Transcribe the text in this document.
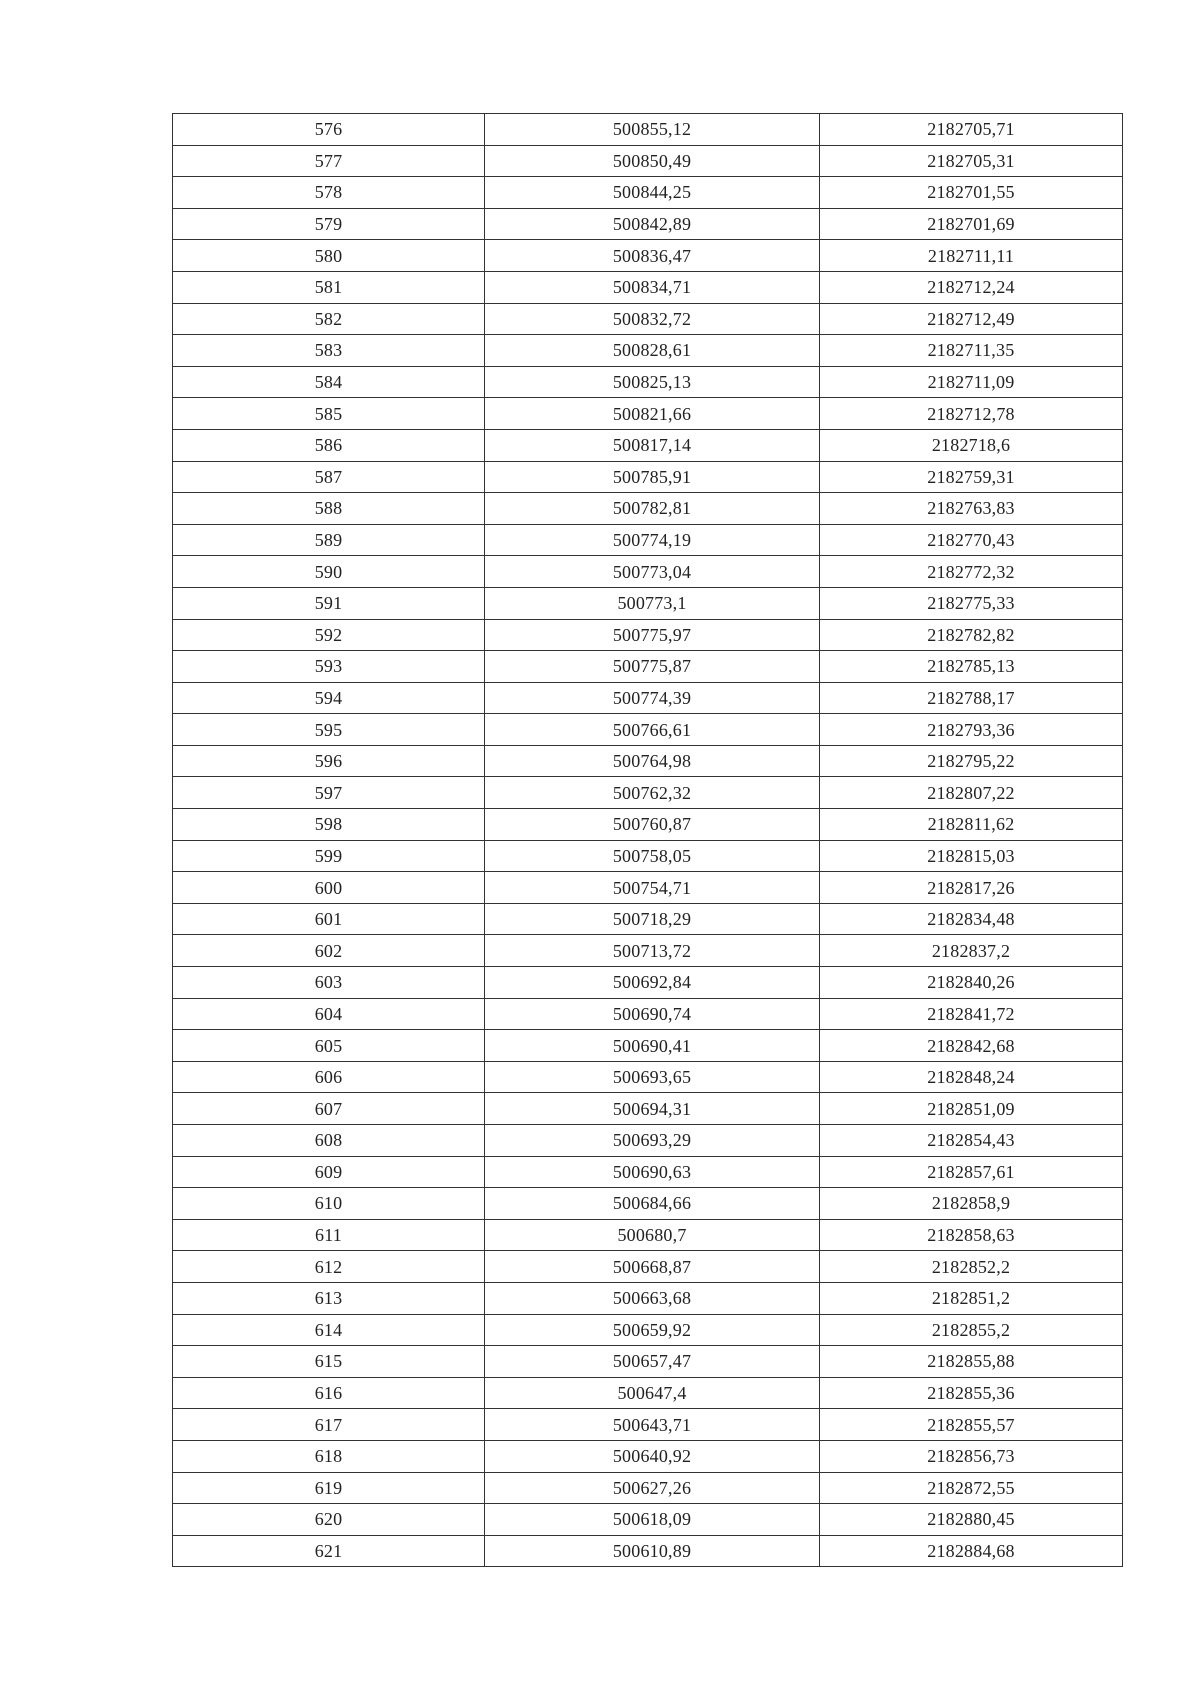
576	500855,12	2182705,71
577	500850,49	2182705,31
578	500844,25	2182701,55
579	500842,89	2182701,69
580	500836,47	2182711,11
581	500834,71	2182712,24
582	500832,72	2182712,49
583	500828,61	2182711,35
584	500825,13	2182711,09
585	500821,66	2182712,78
586	500817,14	2182718,6
587	500785,91	2182759,31
588	500782,81	2182763,83
589	500774,19	2182770,43
590	500773,04	2182772,32
591	500773,1	2182775,33
592	500775,97	2182782,82
593	500775,87	2182785,13
594	500774,39	2182788,17
595	500766,61	2182793,36
596	500764,98	2182795,22
597	500762,32	2182807,22
598	500760,87	2182811,62
599	500758,05	2182815,03
600	500754,71	2182817,26
601	500718,29	2182834,48
602	500713,72	2182837,2
603	500692,84	2182840,26
604	500690,74	2182841,72
605	500690,41	2182842,68
606	500693,65	2182848,24
607	500694,31	2182851,09
608	500693,29	2182854,43
609	500690,63	2182857,61
610	500684,66	2182858,9
611	500680,7	2182858,63
612	500668,87	2182852,2
613	500663,68	2182851,2
614	500659,92	2182855,2
615	500657,47	2182855,88
616	500647,4	2182855,36
617	500643,71	2182855,57
618	500640,92	2182856,73
619	500627,26	2182872,55
620	500618,09	2182880,45
621	500610,89	2182884,68
